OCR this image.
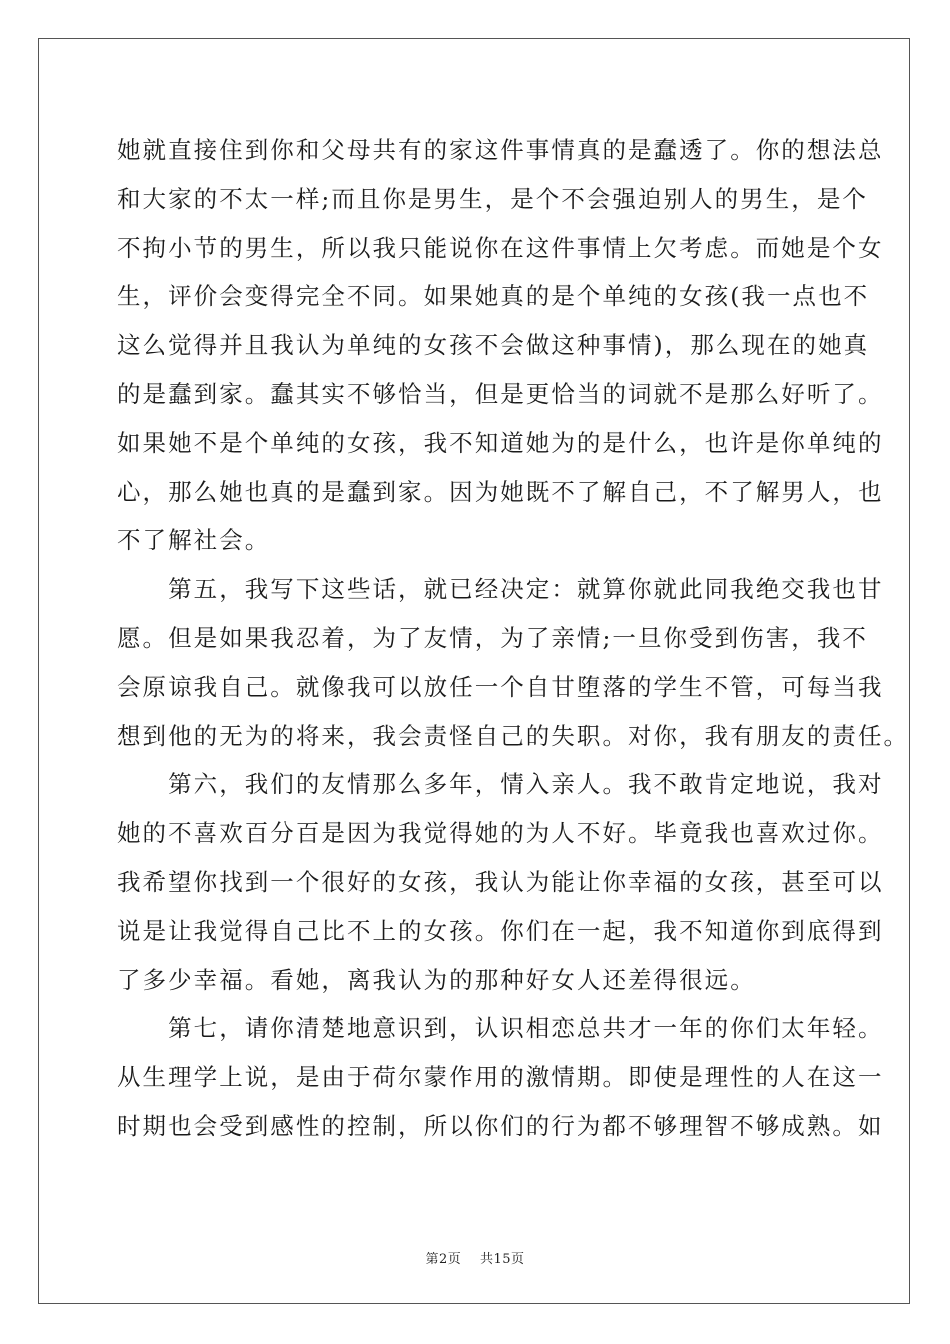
她就直接住到你和父母共有的家这件事情真的是蠢透了。你的想法总
和大家的不太一样;而且你是男生，是个不会强迫别人的男生，是个
不拘小节的男生，所以我只能说你在这件事情上欠考虑。而她是个女
生，评价会变得完全不同。如果她真的是个单纯的女孩(我一点也不
这么觉得并且我认为单纯的女孩不会做这种事情)，那么现在的她真
的是蠢到家。蠢其实不够恰当，但是更恰当的词就不是那么好听了。
如果她不是个单纯的女孩，我不知道她为的是什么，也许是你单纯的
心，那么她也真的是蠢到家。因为她既不了解自己，不了解男人，也
不了解社会。
　　第五，我写下这些话，就已经决定：就算你就此同我绝交我也甘
愿。但是如果我忍着，为了友情，为了亲情;一旦你受到伤害，我不
会原谅我自己。就像我可以放任一个自甘堕落的学生不管，可每当我
想到他的无为的将来，我会责怪自己的失职。对你，我有朋友的责任。
　　第六，我们的友情那么多年，情入亲人。我不敢肯定地说，我对
她的不喜欢百分百是因为我觉得她的为人不好。毕竟我也喜欢过你。
我希望你找到一个很好的女孩，我认为能让你幸福的女孩，甚至可以
说是让我觉得自己比不上的女孩。你们在一起，我不知道你到底得到
了多少幸福。看她，离我认为的那种好女人还差得很远。
　　第七，请你清楚地意识到，认识相恋总共才一年的你们太年轻。
从生理学上说，是由于荷尔蒙作用的激情期。即使是理性的人在这一
时期也会受到感性的控制，所以你们的行为都不够理智不够成熟。如
第2页 共15页
